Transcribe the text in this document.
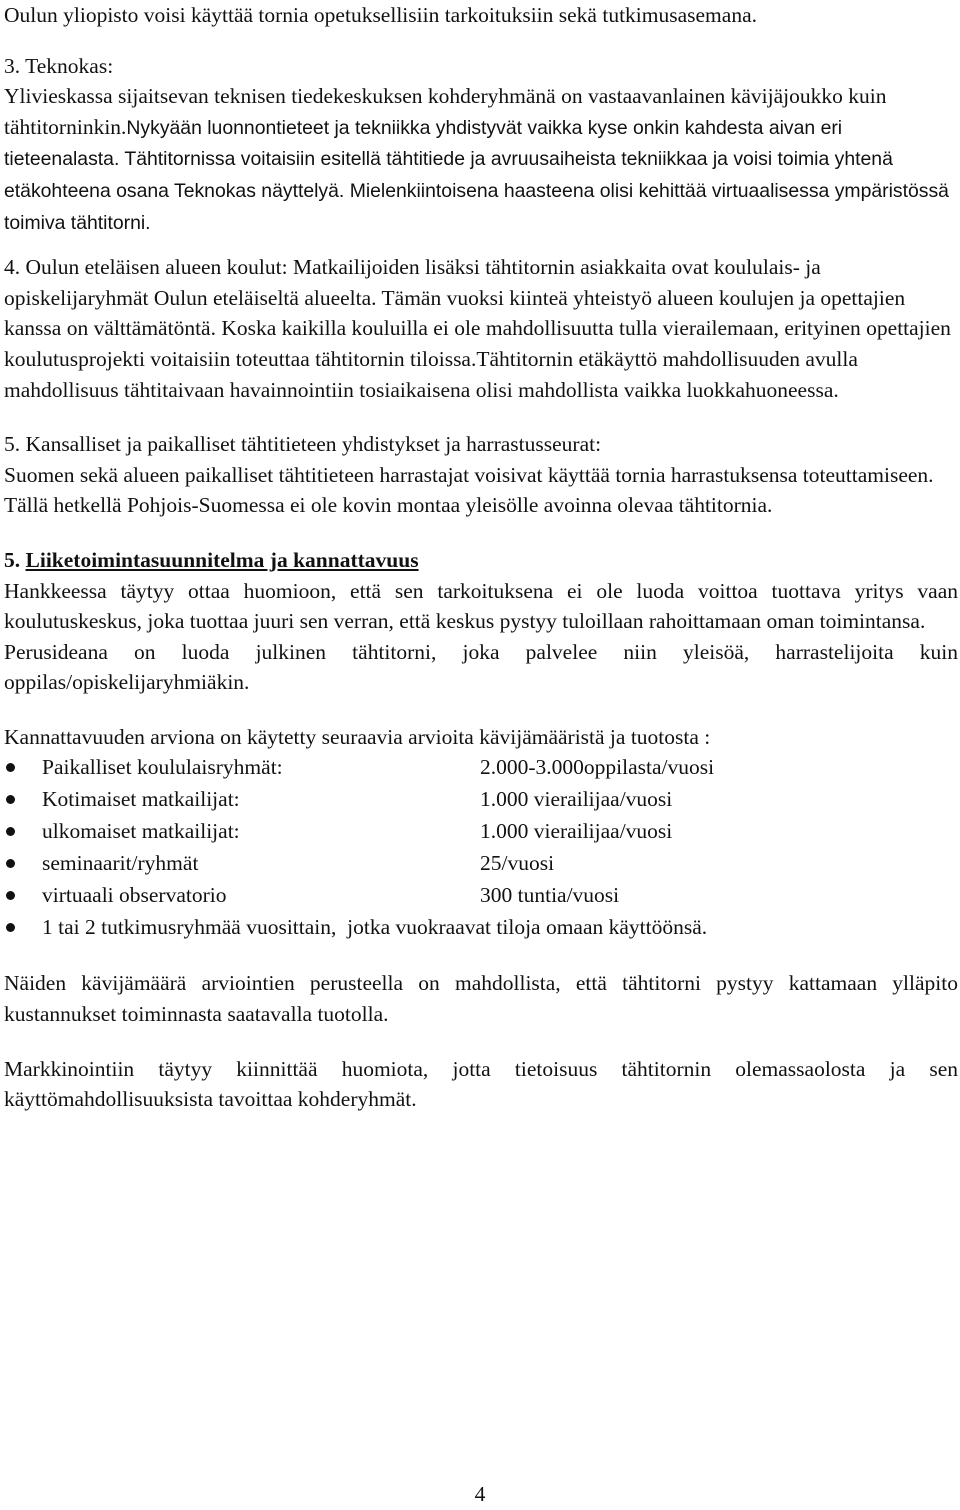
Oulun yliopisto voisi käyttää tornia opetuksellisiin tarkoituksiin sekä tutkimusasemana.

3. Teknokas:

Ylivieskassa sijaitsevan teknisen tiedekeskuksen kohderyhmänä on vastaavanlainen kävijäjoukko kuin tähtitorninkin.Nykyään luonnontieteet ja tekniikka yhdistyvät vaikka kyse onkin kahdesta aivan eri tieteenalasta. Tähtitornissa voitaisiin esitellä tähtitiede ja avruusaiheista tekniikkaa ja voisi toimia yhtenä etäkohteena osana Teknokas näyttelyä. Mielenkiintoisena haasteena olisi kehittää virtuaalisessa ympäristössä toimiva tähtitorni.

4. Oulun eteläisen alueen koulut: Matkailijoiden lisäksi tähtitornin asiakkaita ovat koululais- ja opiskelijaryhmät Oulun eteläiseltä alueelta. Tämän vuoksi kiinteä yhteistyö alueen koulujen ja opettajien kanssa on välttämätöntä. Koska kaikilla kouluilla ei ole mahdollisuutta tulla vierailemaan, erityinen opettajien koulutusprojekti voitaisiin toteuttaa tähtitornin tiloissa.Tähtitornin etäkäyttö mahdollisuuden avulla mahdollisuus tähtitaivaan havainnointiin tosiaikaisena olisi mahdollista vaikka luokkahuoneessa.

5. Kansalliset ja paikalliset tähtitieteen yhdistykset ja harrastusseurat:

Suomen sekä alueen paikalliset tähtitieteen harrastajat voisivat käyttää tornia harrastuksensa toteuttamiseen. Tällä hetkellä Pohjois-Suomessa ei ole kovin montaa yleisölle avoinna olevaa tähtitornia.

5. Liiketoimintasuunnitelma ja kannattavuus

Hankkeessa täytyy ottaa huomioon, että sen tarkoituksena ei ole luoda voittoa tuottava yritys vaan koulutuskeskus, joka tuottaa juuri sen verran, että keskus pystyy tuloillaan rahoittamaan oman toimintansa.

Perusideana on luoda julkinen tähtitorni, joka palvelee niin yleisöä, harrastelijoita kuin oppilas/opiskelijaryhmiäkin.

Kannattavuuden arviona on käytetty seuraavia arvioita kävijämääristä ja tuotosta :

Paikalliset koululaisryhmät:	2.000-3.000oppilasta/vuosi
Kotimaiset matkailijat:	1.000 vierailijaa/vuosi
ulkomaiset matkailijat:	1.000 vierailijaa/vuosi
seminaarit/ryhmät	25/vuosi
virtuaali observatorio	300 tuntia/vuosi
1 tai 2 tutkimusryhmää vuosittain,  jotka vuokraavat tiloja omaan käyttöönsä.

Näiden kävijämäärä arviointien perusteella on mahdollista, että tähtitorni pystyy kattamaan ylläpito kustannukset toiminnasta saatavalla tuotolla.

Markkinointiin täytyy kiinnittää huomiota, jotta tietoisuus tähtitornin olemassaolosta ja sen käyttömahdollisuuksista tavoittaa kohderyhmät.

4
